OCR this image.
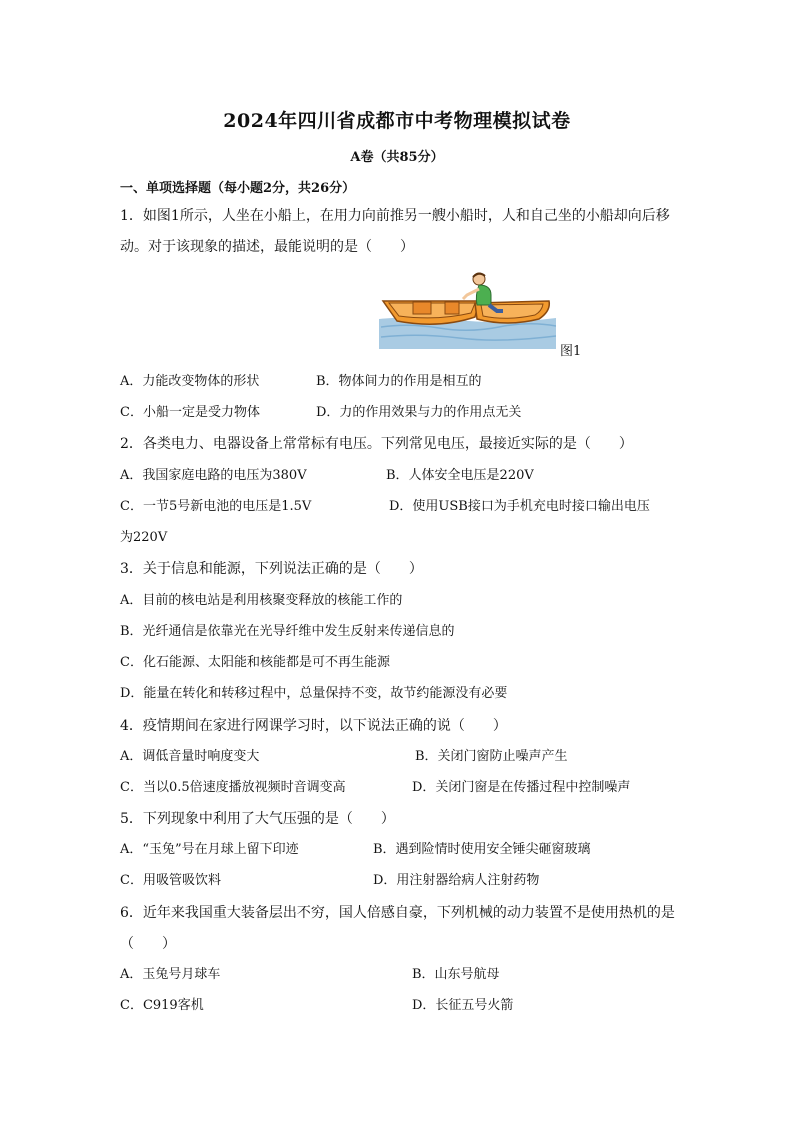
2024年四川省成都市中考物理模拟试卷
A卷（共85分）
一、单项选择题（每小题2分，共26分）
1．如图1所示，人坐在小船上，在用力向前推另一艘小船时，人和自己坐的小船却向后移
动。对于该现象的描述，最能说明的是（　　）
图1
A．力能改变物体的形状	B．物体间力的作用是相互的
C．小船一定是受力物体	D．力的作用效果与力的作用点无关
2．各类电力、电器设备上常常标有电压。下列常见电压，最接近实际的是（　　）
A．我国家庭电路的电压为380V	B．人体安全电压是220V
C．一节5号新电池的电压是1.5V	D．使用USB接口为手机充电时接口输出电压
为220V
3．关于信息和能源，下列说法正确的是（　　）
A．目前的核电站是利用核聚变释放的核能工作的
B．光纤通信是依靠光在光导纤维中发生反射来传递信息的
C．化石能源、太阳能和核能都是可不再生能源
D．能量在转化和转移过程中，总量保持不变，故节约能源没有必要
4．疫情期间在家进行网课学习时，以下说法正确的说（　　）
A．调低音量时响度变大	B．关闭门窗防止噪声产生
C．当以0.5倍速度播放视频时音调变高	D．关闭门窗是在传播过程中控制噪声
5．下列现象中利用了大气压强的是（　　）
A．“玉兔”号在月球上留下印迹	B．遇到险情时使用安全锤尖砸窗玻璃
C．用吸管吸饮料	D．用注射器给病人注射药物
6．近年来我国重大装备层出不穷，国人倍感自豪，下列机械的动力装置不是使用热机的是
（　　）
A．玉兔号月球车	B．山东号航母
C．C919客机	D．长征五号火箭
